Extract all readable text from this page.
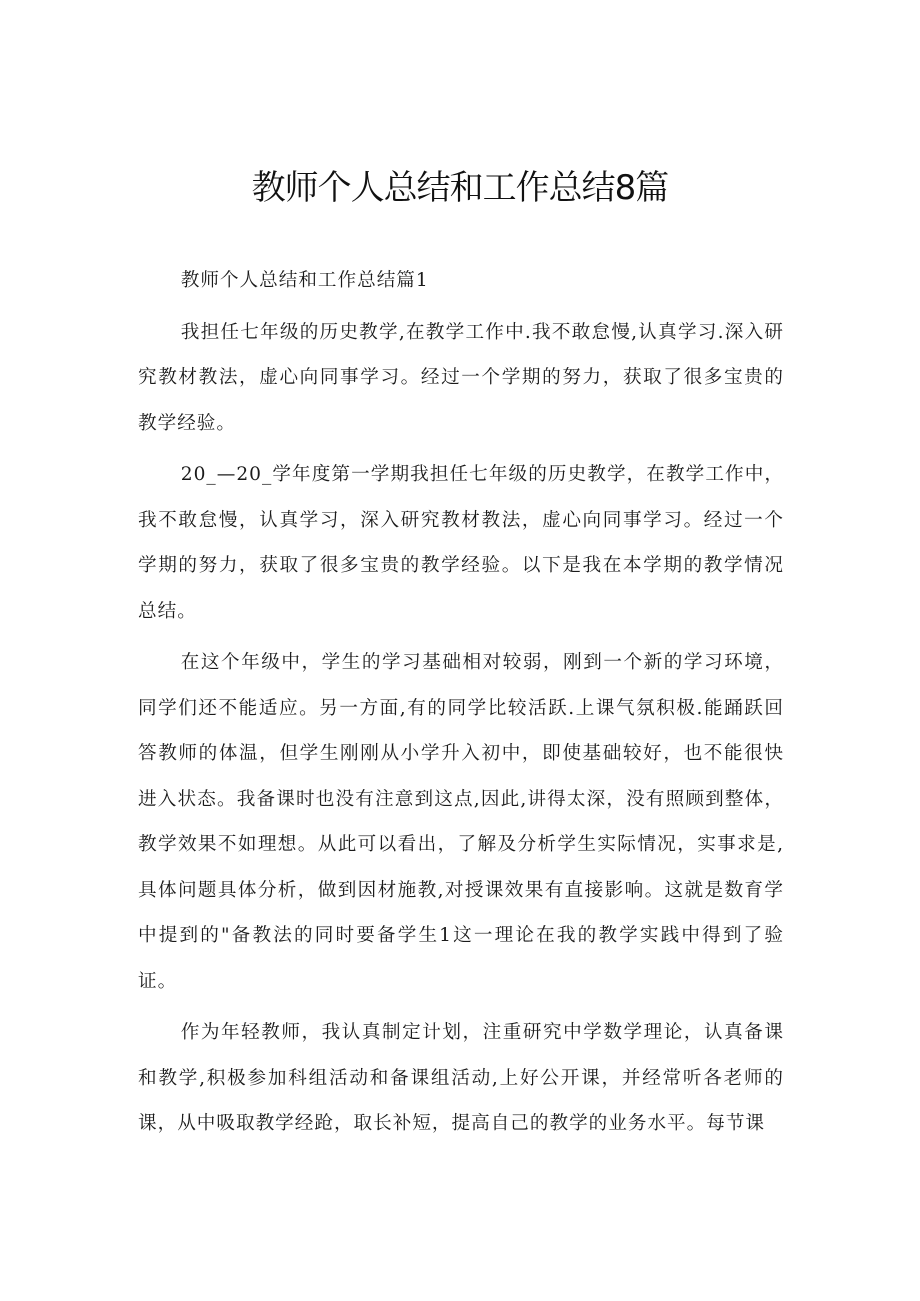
教师个人总结和工作总结8篇

教师个人总结和工作总结篇1

我担任七年级的历史教学,在教学工作中.我不敢怠慢,认真学习.深入研究教材教法，虚心向同事学习。经过一个学期的努力，获取了很多宝贵的教学经验。

20_—20_学年度第一学期我担任七年级的历史教学，在教学工作中，我不敢怠慢，认真学习，深入研究教材教法，虚心向同事学习。经过一个学期的努力，获取了很多宝贵的教学经验。以下是我在本学期的教学情况总结。

在这个年级中，学生的学习基础相对较弱，刚到一个新的学习环境，同学们还不能适应。另一方面,有的同学比较活跃.上课气氛积极.能踊跃回答教师的体温，但学生刚刚从小学升入初中，即使基础较好，也不能很快进入状态。我备课时也没有注意到这点,因此,讲得太深，没有照顾到整体，教学效果不如理想。从此可以看出，了解及分析学生实际情况，实事求是,具体问题具体分析，做到因材施教,对授课效果有直接影响。这就是数育学中提到的"备教法的同时要备学生1这一理论在我的教学实践中得到了验证。

作为年轻教师，我认真制定计划，注重研究中学数学理论，认真备课和教学,积极参加科组活动和备课组活动,上好公开课，并经常听各老师的课，从中吸取教学经跄，取长补短，提高自己的教学的业务水平。每节课
